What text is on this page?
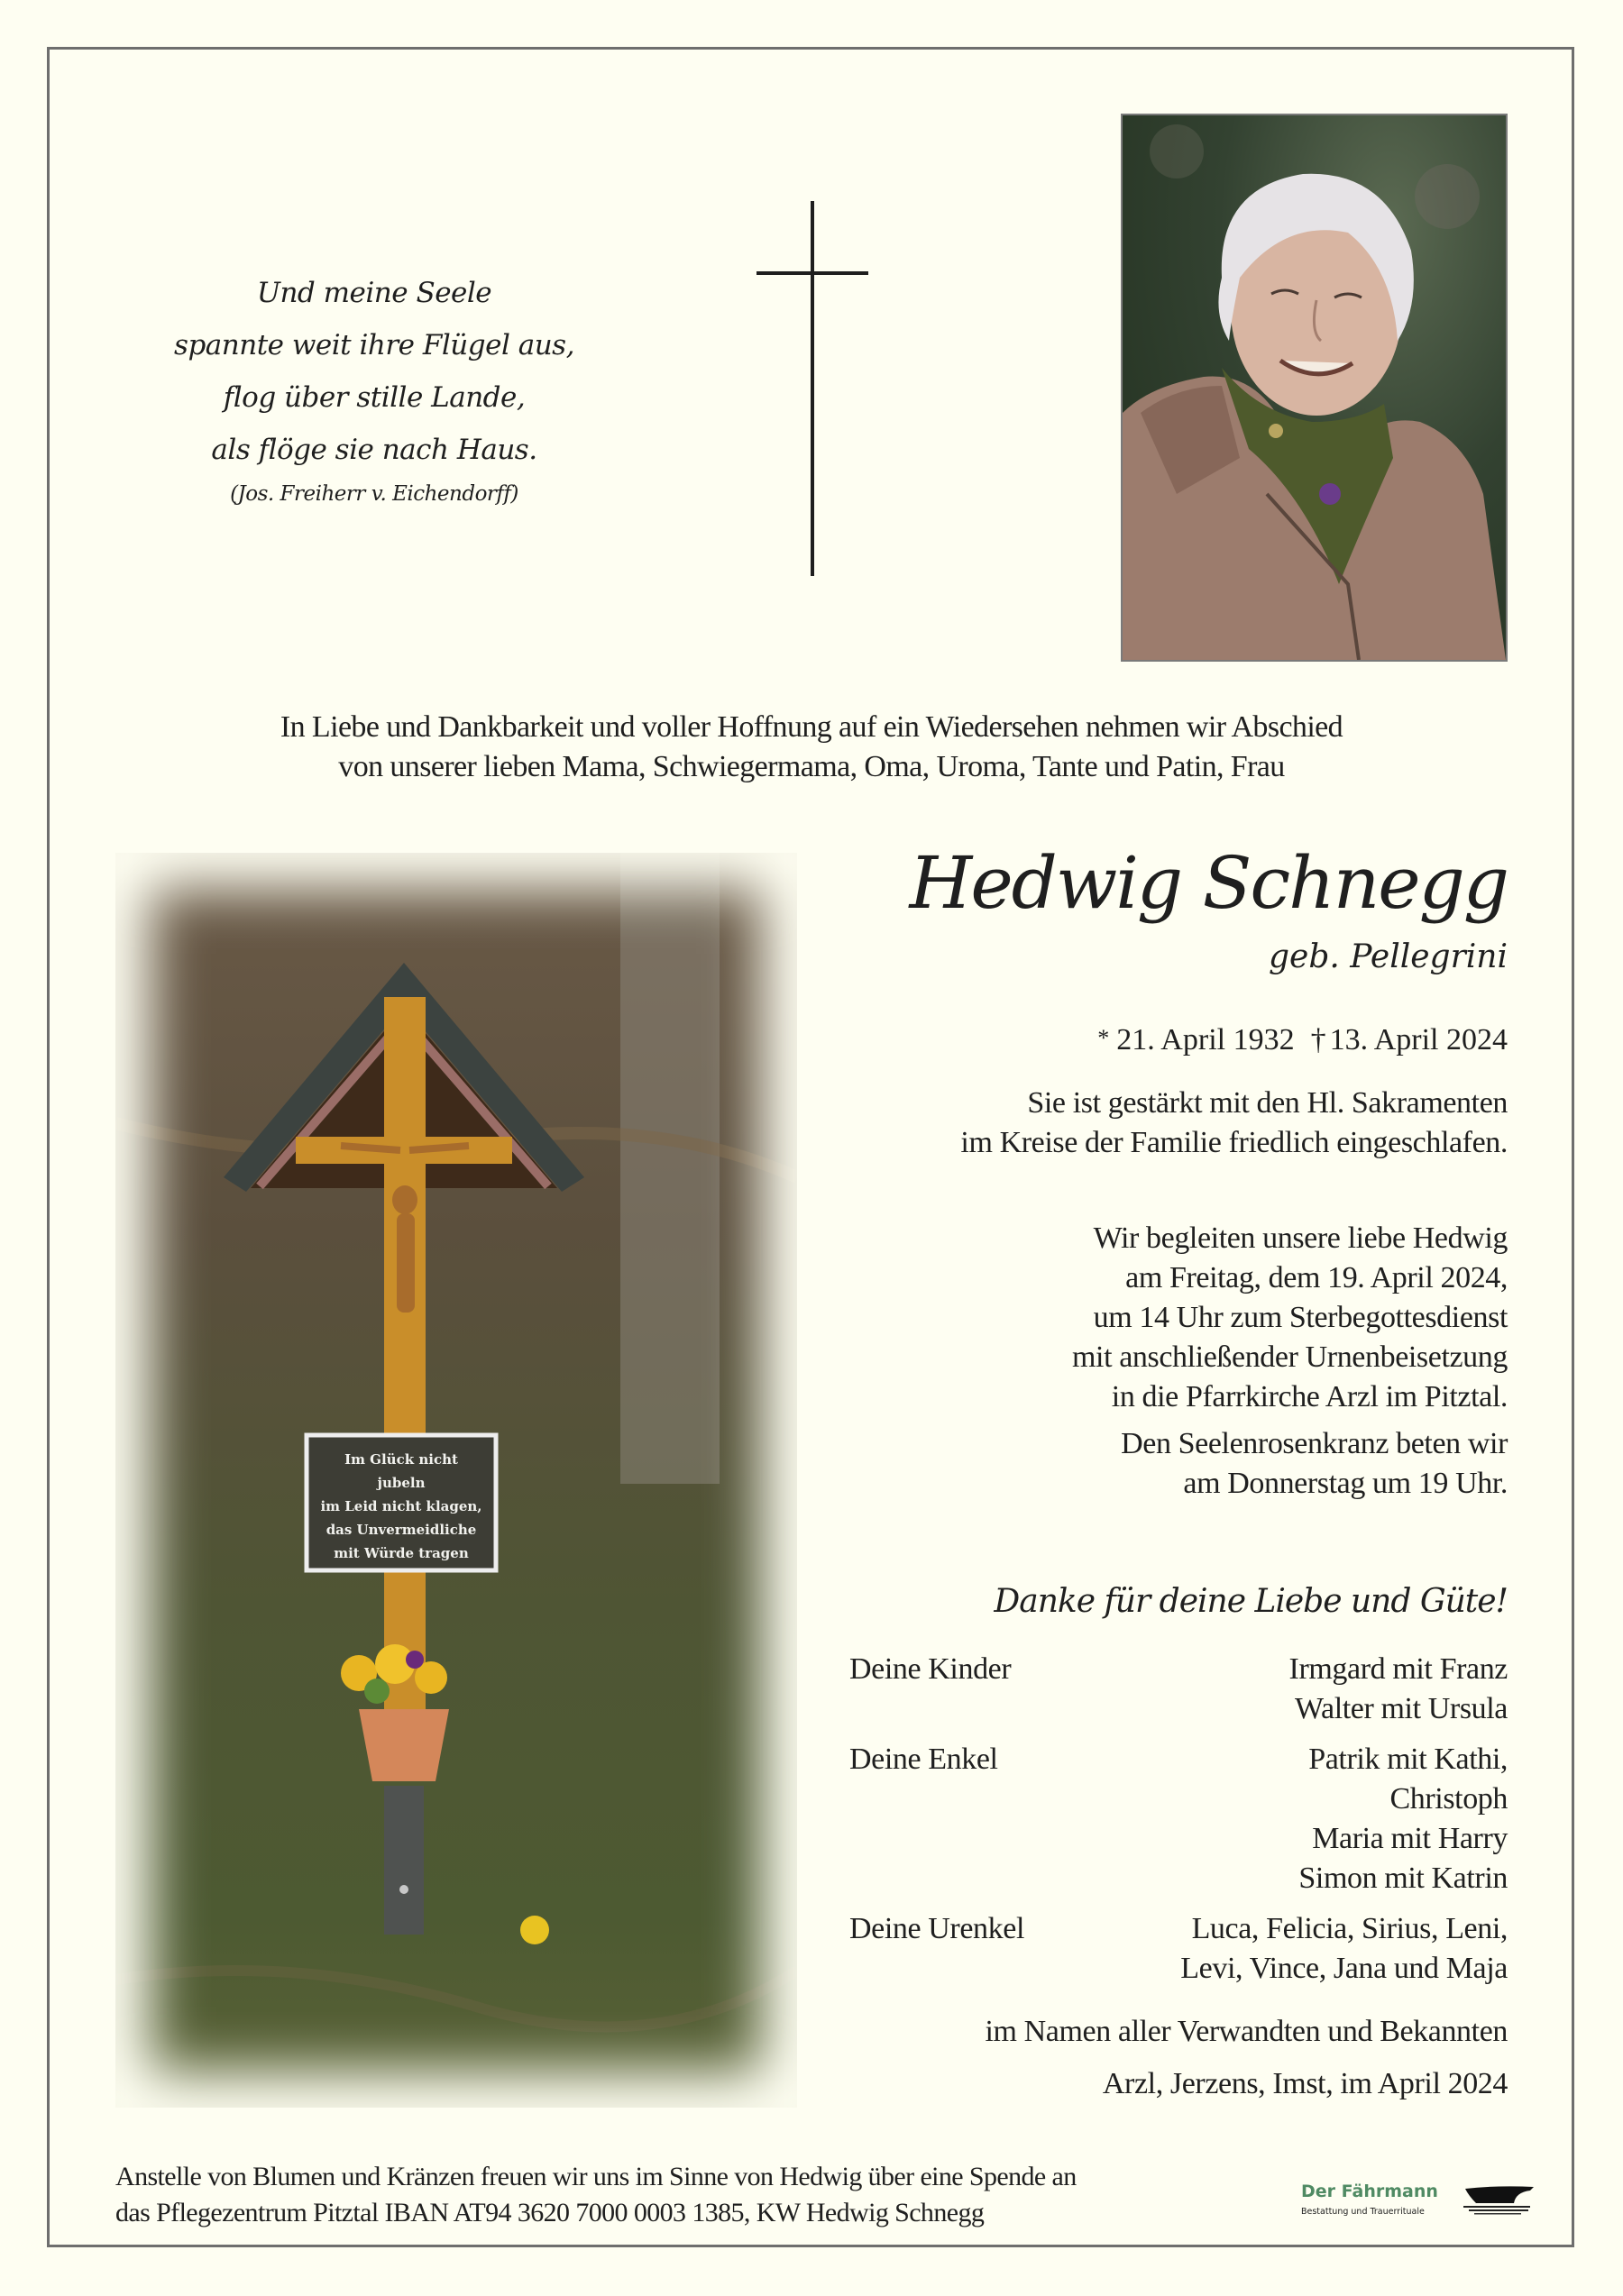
Und meine Seele
spannte weit ihre Flügel aus,
flog über stille Lande,
als flöge sie nach Haus.
(Jos. Freiherr v. Eichendorff)
In Liebe und Dankbarkeit und voller Hoffnung auf ein Wiedersehen nehmen wir Abschied
von unserer lieben Mama, Schwiegermama, Oma, Uroma, Tante und Patin, Frau
Im Glück nicht jubeln
im Leid nicht klagen,
das Unvermeidliche
mit Würde tragen
Hedwig Schnegg
geb. Pellegrini
* 21. April 1932 † 13. April 2024
Sie ist gestärkt mit den Hl. Sakramenten
im Kreise der Familie friedlich eingeschlafen.
Wir begleiten unsere liebe Hedwig
am Freitag, dem 19. April 2024,
um 14 Uhr zum Sterbegottesdienst
mit anschließender Urnenbeisetzung
in die Pfarrkirche Arzl im Pitztal.
Den Seelenrosenkranz beten wir
am Donnerstag um 19 Uhr.
Danke für deine Liebe und Güte!
Deine Kinder	Irmgard mit Franz
Walter mit Ursula
Deine Enkel	Patrik mit Kathi,
Christoph
Maria mit Harry
Simon mit Katrin
Deine Urenkel	Luca, Felicia, Sirius, Leni,
Levi, Vince, Jana und Maja
im Namen aller Verwandten und Bekannten
Arzl, Jerzens, Imst, im April 2024
Anstelle von Blumen und Kränzen freuen wir uns im Sinne von Hedwig über eine Spende an
das Pflegezentrum Pitztal IBAN AT94 3620 7000 0003 1385, KW Hedwig Schnegg
Der Fährmann
Bestattung und Trauerrituale
